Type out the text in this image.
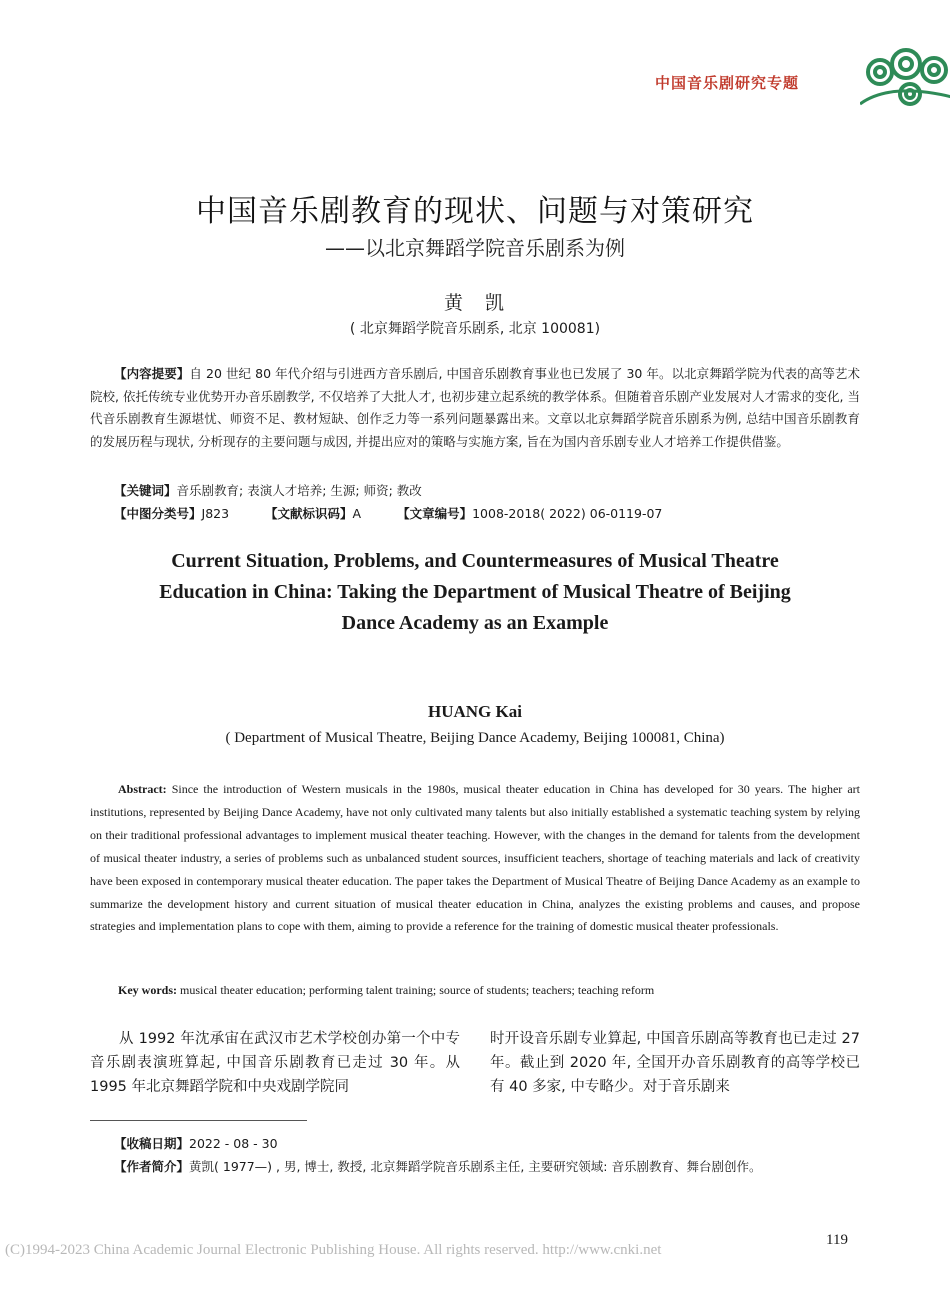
中国音乐剧研究专题
中国音乐剧教育的现状、问题与对策研究
——以北京舞蹈学院音乐剧系为例
黄凯
( 北京舞蹈学院音乐剧系, 北京 100081)
【内容提要】自 20 世纪 80 年代介绍与引进西方音乐剧后, 中国音乐剧教育事业也已发展了 30 年。以北京舞蹈学院为代表的高等艺术院校, 依托传统专业优势开办音乐剧教学, 不仅培养了大批人才, 也初步建立起系统的教学体系。但随着音乐剧产业发展对人才需求的变化, 当代音乐剧教育生源堪忧、师资不足、教材短缺、创作乏力等一系列问题暴露出来。文章以北京舞蹈学院音乐剧系为例, 总结中国音乐剧教育的发展历程与现状, 分析现存的主要问题与成因, 并提出应对的策略与实施方案, 旨在为国内音乐剧专业人才培养工作提供借鉴。
【关键词】音乐剧教育; 表演人才培养; 生源; 师资; 教改
【中图分类号】J823	【文献标识码】A	【文章编号】1008-2018( 2022) 06-0119-07
Current Situation, Problems, and Countermeasures of Musical Theatre Education in China: Taking the Department of Musical Theatre of Beijing Dance Academy as an Example
HUANG Kai
( Department of Musical Theatre, Beijing Dance Academy, Beijing 100081, China)
Abstract: Since the introduction of Western musicals in the 1980s, musical theater education in China has developed for 30 years. The higher art institutions, represented by Beijing Dance Academy, have not only cultivated many talents but also initially established a systematic teaching system by relying on their traditional professional advantages to implement musical theater teaching. However, with the changes in the demand for talents from the development of musical theater industry, a series of problems such as unbalanced student sources, insufficient teachers, shortage of teaching materials and lack of creativity have been exposed in contemporary musical theater education. The paper takes the Department of Musical Theatre of Beijing Dance Academy as an example to summarize the development history and current situation of musical theater education in China, analyzes the existing problems and causes, and propose strategies and implementation plans to cope with them, aiming to provide a reference for the training of domestic musical theater professionals.
Key words: musical theater education; performing talent training; source of students; teachers; teaching reform
从 1992 年沈承宙在武汉市艺术学校创办第一个中专音乐剧表演班算起, 中国音乐剧教育已走过 30 年。从 1995 年北京舞蹈学院和中央戏剧学院同
时开设音乐剧专业算起, 中国音乐剧高等教育也已走过 27 年。截止到 2020 年, 全国开办音乐剧教育的高等学校已有 40 多家, 中专略少。对于音乐剧来
【收稿日期】2022 - 08 - 30
【作者简介】黄凯( 1977—) , 男, 博士, 教授, 北京舞蹈学院音乐剧系主任, 主要研究领域: 音乐剧教育、舞台剧创作。
119
(C)1994-2023 China Academic Journal Electronic Publishing House. All rights reserved. http://www.cnki.net
